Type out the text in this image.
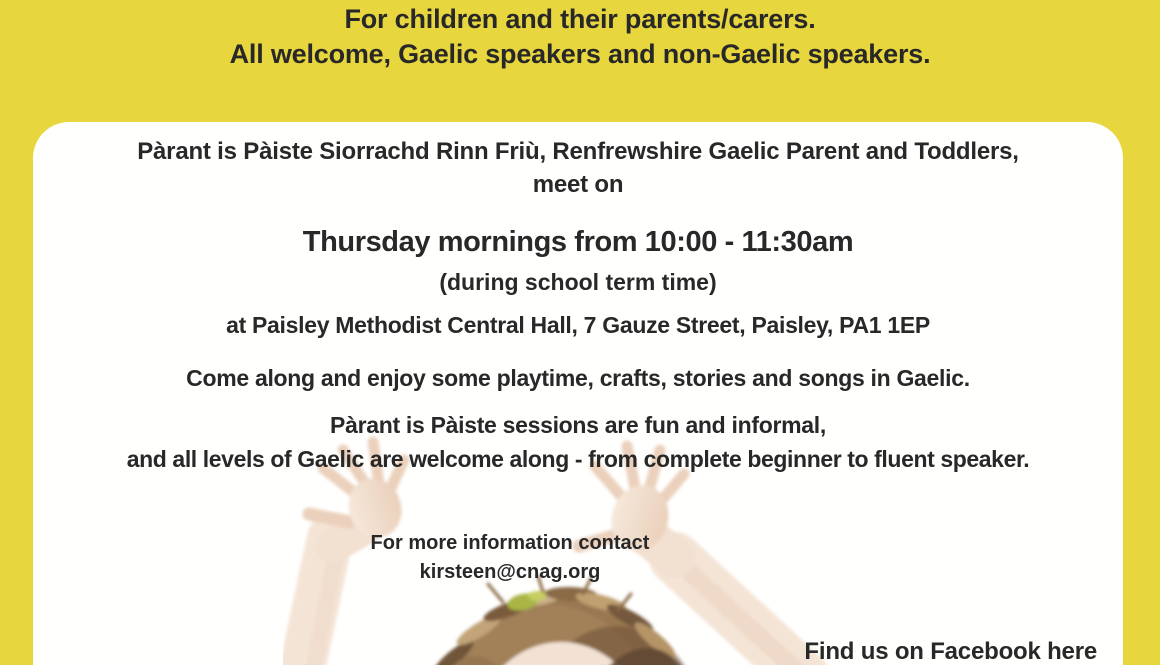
For children and their parents/carers.
All welcome, Gaelic speakers and non-Gaelic speakers.
Pàrant is Pàiste Siorrachd Rinn Friù, Renfrewshire Gaelic Parent and Toddlers,
meet on
Thursday mornings from 10:00 - 11:30am
(during school term time)
at Paisley Methodist Central Hall, 7 Gauze Street, Paisley, PA1 1EP
Come along and enjoy some playtime, crafts, stories and songs in Gaelic.
Pàrant is Pàiste sessions are fun and informal,
and all levels of Gaelic are welcome along - from complete beginner to fluent speaker.
For more information contact
kirsteen@cnag.org
Find us on Facebook here
